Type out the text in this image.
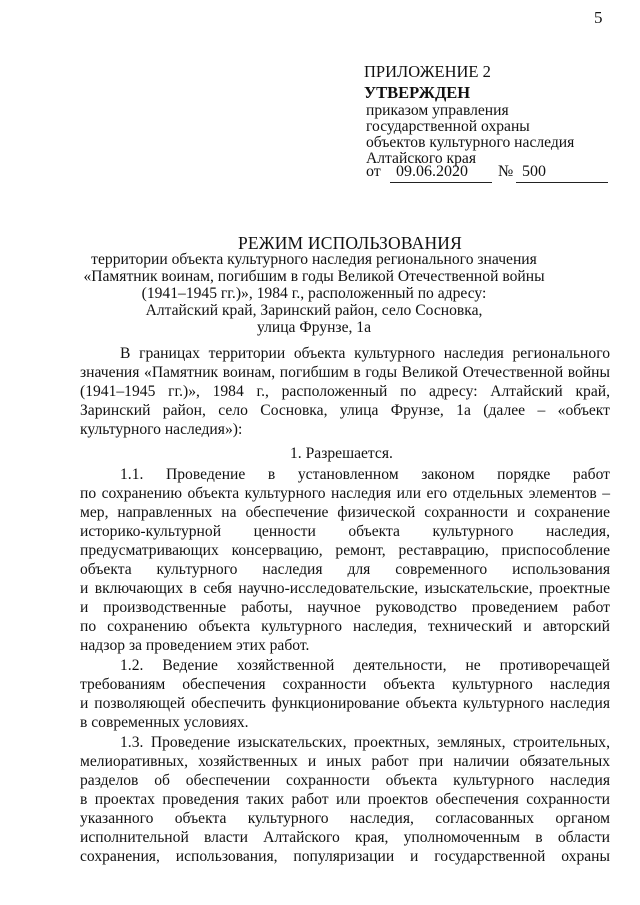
5
ПРИЛОЖЕНИЕ 2
УТВЕРЖДЕН
приказом управления
государственной охраны
объектов культурного наследия
Алтайского края
от 09.06.2020 № 500
РЕЖИМ ИСПОЛЬЗОВАНИЯ
территории объекта культурного наследия регионального значения
«Памятник воинам, погибшим в годы Великой Отечественной войны
(1941–1945 гг.)», 1984 г., расположенный по адресу:
Алтайский край, Заринский район, село Сосновка,
улица Фрунзе, 1а
В границах территории объекта культурного наследия регионального
значения «Памятник воинам, погибшим в годы Великой Отечественной войны
(1941–1945 гг.)», 1984 г., расположенный по адресу: Алтайский край,
Заринский район, село Сосновка, улица Фрунзе, 1а (далее – «объект
культурного наследия»):
1. Разрешается.
1.1. Проведение в установленном законом порядке работ
по сохранению объекта культурного наследия или его отдельных элементов –
мер, направленных на обеспечение физической сохранности и сохранение
историко-культурной ценности объекта культурного наследия,
предусматривающих консервацию, ремонт, реставрацию, приспособление
объекта культурного наследия для современного использования
и включающих в себя научно-исследовательские, изыскательские, проектные
и производственные работы, научное руководство проведением работ
по сохранению объекта культурного наследия, технический и авторский
надзор за проведением этих работ.
1.2. Ведение хозяйственной деятельности, не противоречащей
требованиям обеспечения сохранности объекта культурного наследия
и позволяющей обеспечить функционирование объекта культурного наследия
в современных условиях.
1.3. Проведение изыскательских, проектных, земляных, строительных,
мелиоративных, хозяйственных и иных работ при наличии обязательных
разделов об обеспечении сохранности объекта культурного наследия
в проектах проведения таких работ или проектов обеспечения сохранности
указанного объекта культурного наследия, согласованных органом
исполнительной власти Алтайского края, уполномоченным в области
сохранения, использования, популяризации и государственной охраны
